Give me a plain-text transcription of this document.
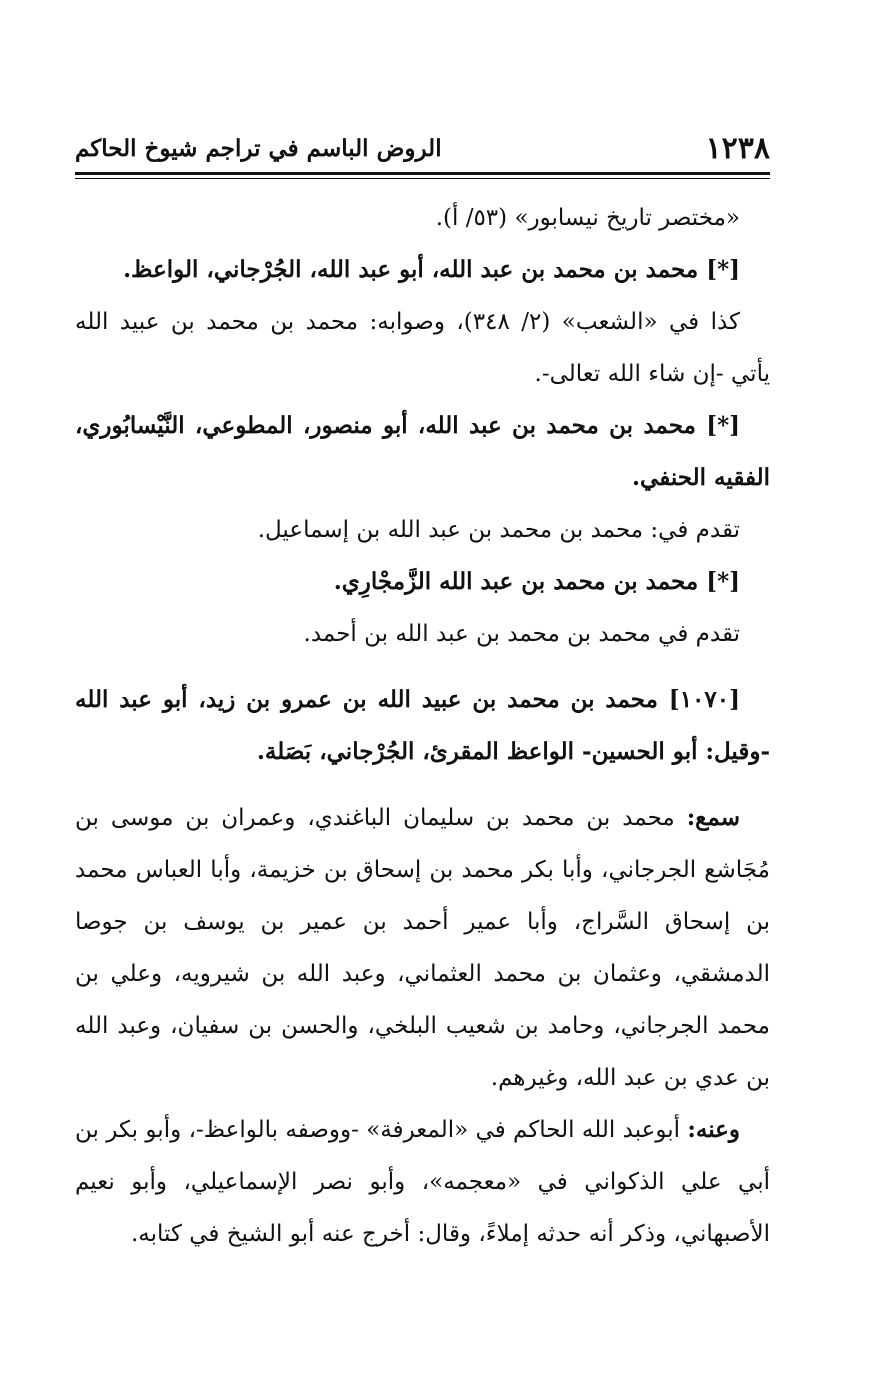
١٢٣٨
الروض الباسم في تراجم شيوخ الحاكم

«مختصر تاريخ نيسابور» (٥٣/ أ).

[*] محمد بن محمد بن عبد الله، أبو عبد الله، الجُرْجاني، الواعظ.

كذا في «الشعب» (٢/ ٣٤٨)، وصوابه: محمد بن محمد بن عبيد الله يأتي -إن شاء الله تعالى-.

[*] محمد بن محمد بن عبد الله، أبو منصور، المطوعي، النَّيْسابُوري، الفقيه الحنفي.

تقدم في: محمد بن محمد بن عبد الله بن إسماعيل.

[*] محمد بن محمد بن عبد الله الزَّمجْارِي.

تقدم في محمد بن محمد بن عبد الله بن أحمد.

[١٠٧٠] محمد بن محمد بن عبيد الله بن عمرو بن زيد، أبو عبد الله -وقيل: أبو الحسين- الواعظ المقرئ، الجُرْجاني، بَصَلة.

سمع: محمد بن محمد بن سليمان الباغندي، وعمران بن موسى بن مُجَاشع الجرجاني، وأبا بكر محمد بن إسحاق بن خزيمة، وأبا العباس محمد بن إسحاق السَّراج، وأبا عمير أحمد بن عمير بن يوسف بن جوصا الدمشقي، وعثمان بن محمد العثماني، وعبد الله بن شيرويه، وعلي بن محمد الجرجاني، وحامد بن شعيب البلخي، والحسن بن سفيان، وعبد الله بن عدي بن عبد الله، وغيرهم.

وعنه: أبوعبد الله الحاكم في «المعرفة» -ووصفه بالواعظ-، وأبو بكر بن أبي علي الذكواني في «معجمه»، وأبو نصر الإسماعيلي، وأبو نعيم الأصبهاني، وذكر أنه حدثه إملاءً، وقال: أخرج عنه أبو الشيخ في كتابه.
